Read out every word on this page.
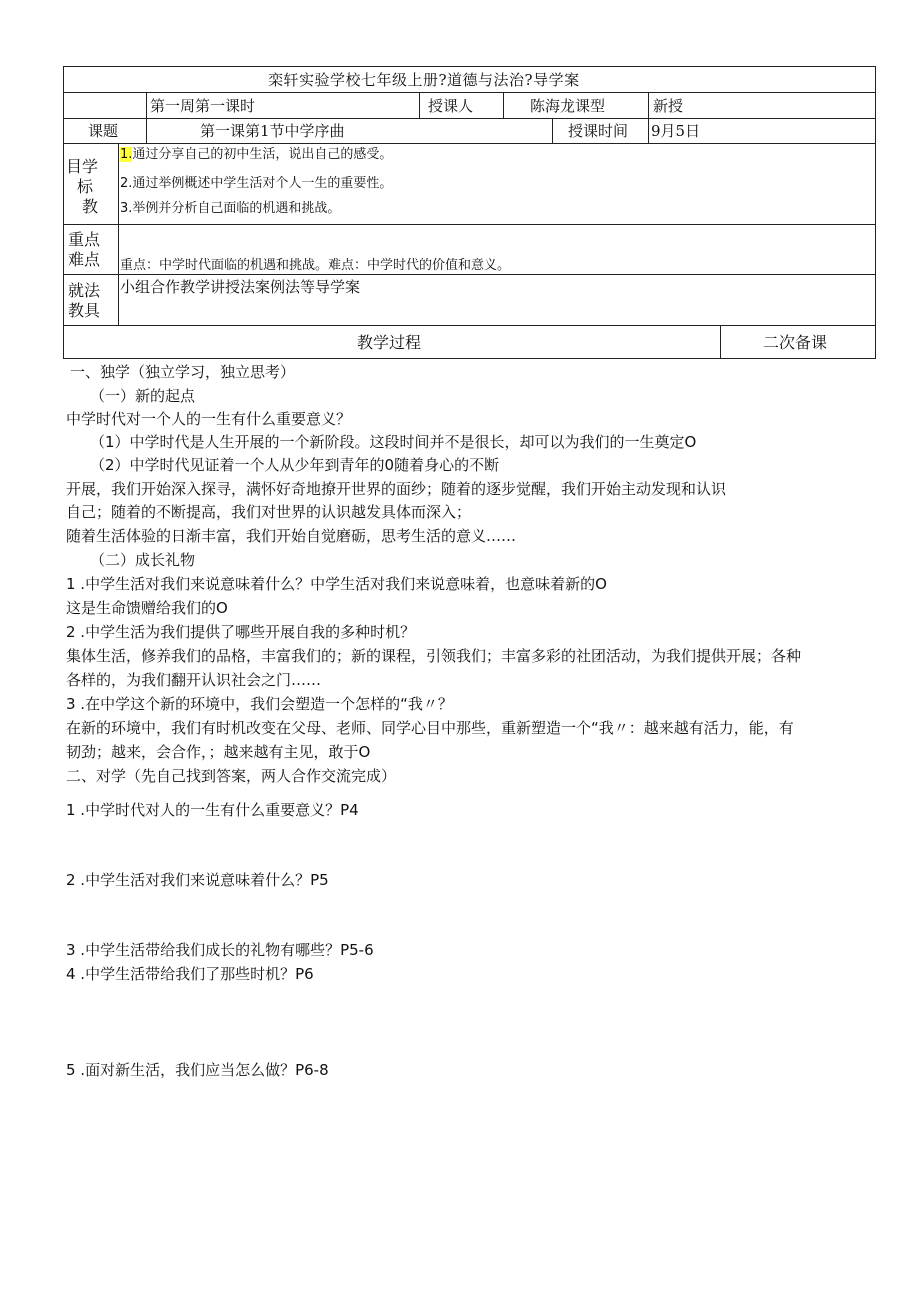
栾轩实验学校七年级上册?道德与法治?导学案
第一周第一课时	授课人	陈海龙课型	新授
课题	第一课第1节中学序曲	授课时间 9月5日
目学
标
教
1.通过分享自己的初中生活，说出自己的感受。
2.通过举例概述中学生活对个人一生的重要性。
3.举例并分析自己面临的机遇和挑战。
重点
难点 重点：中学时代面临的机遇和挑战。难点：中学时代的价值和意义。
就法
教具
小组合作教学讲授法案例法等导学案
教学过程	二次备课
一、独学（独立学习，独立思考）
（一）新的起点
中学时代对一个人的一生有什么重要意义？
（1）中学时代是人生开展的一个新阶段。这段时间并不是很长，却可以为我们的一生奠定O
（2）中学时代见证着一个人从少年到青年的0随着身心的不断
开展，我们开始深入探寻，满怀好奇地撩开世界的面纱；随着的逐步觉醒，我们开始主动发现和认识
自己；随着的不断提高，我们对世界的认识越发具体而深入；
随着生活体验的日渐丰富，我们开始自觉磨砺，思考生活的意义……
（二）成长礼物
1 .中学生活对我们来说意味着什么？中学生活对我们来说意味着，也意味着新的O
这是生命馈赠给我们的O
2 .中学生活为我们提供了哪些开展自我的多种时机？
集体生活，修养我们的品格，丰富我们的；新的课程，引领我们；丰富多彩的社团活动，为我们提供开展；各种
各样的，为我们翻开认识社会之门……
3 .在中学这个新的环境中，我们会塑造一个怎样的“我〃？
在新的环境中，我们有时机改变在父母、老师、同学心目中那些，重新塑造一个“我〃：越来越有活力，能，有
韧劲；越来，会合作，；越来越有主见，敢于O
二、对学（先自己找到答案，两人合作交流完成）
1 .中学时代对人的一生有什么重要意义？P4
2 .中学生活对我们来说意味着什么？P5
3 .中学生活带给我们成长的礼物有哪些？P5-6
4 .中学生活带给我们了那些时机？P6
5 .面对新生活，我们应当怎么做？P6-8
